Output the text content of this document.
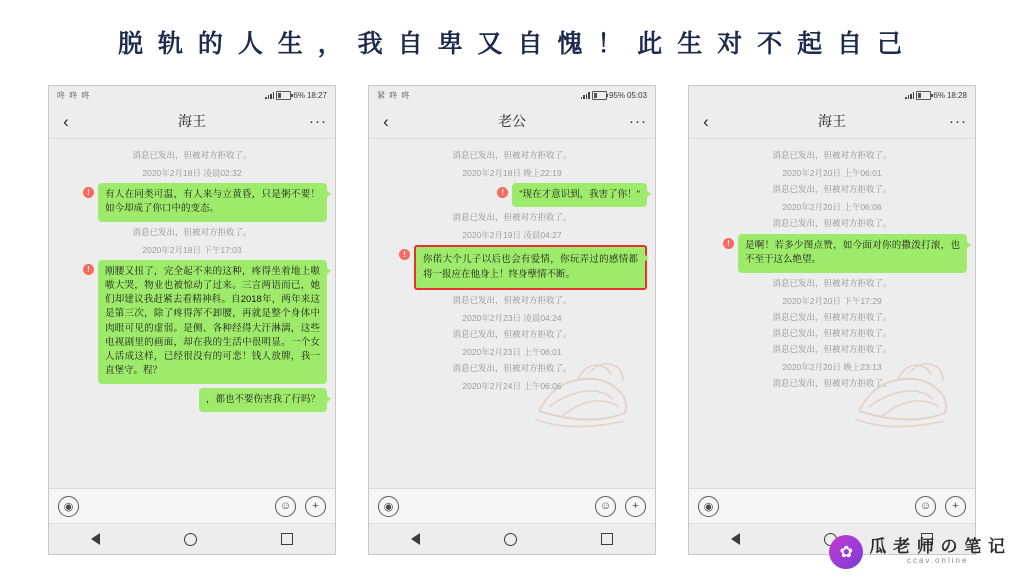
脱 轨 的 人 生 ， 我 自 卑 又 自 愧 ！ 此 生 对 不 起 自 己
咚 咚 咚	6% 18:27
‹	海王	···
消息已发出，但被对方拒收了。
2020年2月18日 凌晨02:32
!	有人在同类可温，有人来与立黄昏，只是粥不要！如今却成了你口中的变态。
消息已发出，但被对方拒收了。
2020年2月18日 下午17:03
!	刚腰又扭了，完全起不来的这种，疼得坐着地上嗷嗷大哭，物业也被惊动了过来。三言两语而已，她们却建议我赶紧去看精神科。自2018年，两年来这是第三次，除了疼得浑不卸腰，再就是整个身体中肉眼可见的虚弱。是侧、各种经得大汗淋漓，这些电视剧里的画面，却在我的生活中很明显。一个女人活成这样，已经很没有的可悲！钱人放牌，我一直堡守。程？
，都也不要伤害我了行吗？
◉	☺	+
紧 咚 咚	95% 05:03
‹	老公	···
消息已发出，但被对方拒收了。
2020年2月18日 晚上22:19
!	"现在才意识到，我害了你！"
消息已发出，但被对方拒收了。
2020年2月19日 凌晨04:27
!	你偌大个儿子以后也会有爱情，你玩弄过的感情都将一报应在他身上！终身孽情不断。
消息已发出，但被对方拒收了。
2020年2月23日 凌晨04:24
消息已发出，但被对方拒收了。
2020年2月23日 上午06:01
消息已发出，但被对方拒收了。
2020年2月24日 上午06:06
◉	☺	+
6% 18:28
‹	海王	···
消息已发出，但被对方拒收了。
2020年2月20日 上午06:01
消息已发出，但被对方拒收了。
2020年2月20日 上午06:06
消息已发出，但被对方拒收了。
!	是啊！若多少图点赞，如今面对你的撒泼打滚，也不至于这么绝望。
消息已发出，但被对方拒收了。
2020年2月20日 下午17:29
消息已发出，但被对方拒收了。
消息已发出，但被对方拒收了。
消息已发出，但被对方拒收了。
2020年2月20日 晚上23:13
消息已发出，但被对方拒收了。
◉	☺	+
✿ 瓜 老 师 の 笔 记
ccav.online
